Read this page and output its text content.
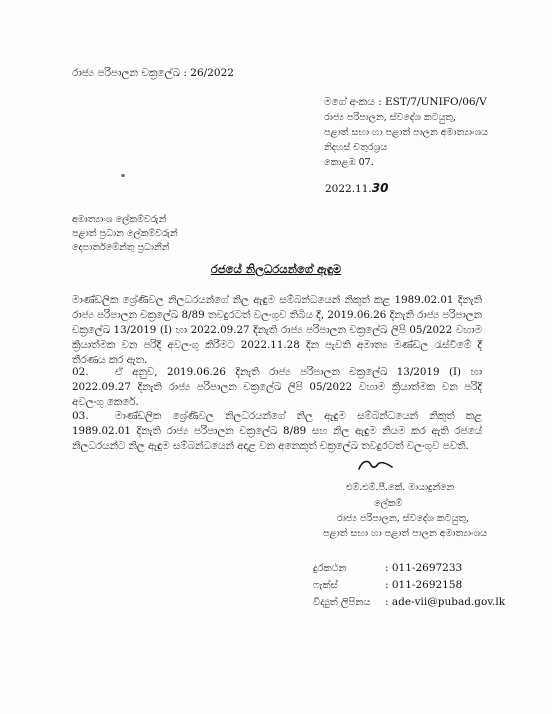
රාජ්‍ය පරිපාලන චක්‍රලේඛ : 26/2022
මගේ අංකය : EST/7/UNIFO/06/V
රාජ්‍ය පරිපාලන, ස්වදේශ කටයුතු,
පළාත් සභා හා පළාත් පාලන අමාත්‍යාංශය
නිදහස් චතුරශ්‍රය
කොළඹ 07.
2022.11.30
අමාත්‍යාංශ ලේකම්වරුන්
පළාත් ප්‍රධාන ලේකම්වරුන්
දෙපාර්තමේන්තු ප්‍රධානීන්
රජයේ නිලධරයන්ගේ ඇඳුම
මාණ්ඩලික ශ්‍රේණිවල නිලධරයන්ගේ නිල ඇඳුම සම්බන්ධයෙන් නිකුත් කළ 1989.02.01 දිනැති රාජ්‍ය පරිපාලන චක්‍රලේඛ 8/89 තවදුරටත් වලංගුව තිබිය දී, 2019.06.26 දිනැති රාජ්‍ය පරිපාලන චක්‍රලේඛ 13/2019 (I) හා 2022.09.27 දිනැති රාජ්‍ය පරිපාලන චක්‍රලේඛ ලිපි 05/2022 වහාම ක්‍රියාත්මක වන පරිදි අවලංගු කිරීමට 2022.11.28 දින පැවති අමාත්‍ය මණ්ඩල රැස්වීමේ දී තීරණය කර ඇත.
02.	ඒ අනුව, 2019.06.26 දිනැති රාජ්‍ය පරිපාලන චක්‍රලේඛ 13/2019 (I) හා 2022.09.27 දිනැති රාජ්‍ය පරිපාලන චක්‍රලේඛ ලිපි 05/2022 වහාම ක්‍රියාත්මක වන පරිදි අවලංගු කෙරේ.
03.	මාණ්ඩලික ශ්‍රේණිවල නිලධරයන්ගේ නිල ඇඳුම සම්බන්ධයෙන් නිකුත් කළ 1989.02.01 දිනැති රාජ්‍ය පරිපාලන චක්‍රලේඛ 8/89 සහ නිල ඇඳුම නියම කර ඇති රජයේ නිලධරයන්ට නිල ඇඳුම සම්බන්ධයෙන් අදාළ වන අනෙකුත් චක්‍රලේඛ තවදුරටත් වලංගුව පවතී.
එම්.එම්.පී.කේ. මායාදුන්නෙ
ලේකම්
රාජ්‍ය පරිපාලන, ස්වදේශ කටයුතු,
පළාත් සභා හා පළාත් පාලන අමාත්‍යාංශය
දුරකථන	: 011-2697233
ෆැක්ස්	: 011-2692158
විද්‍යුත් ලිපිනය : ade-vii@pubad.gov.lk
